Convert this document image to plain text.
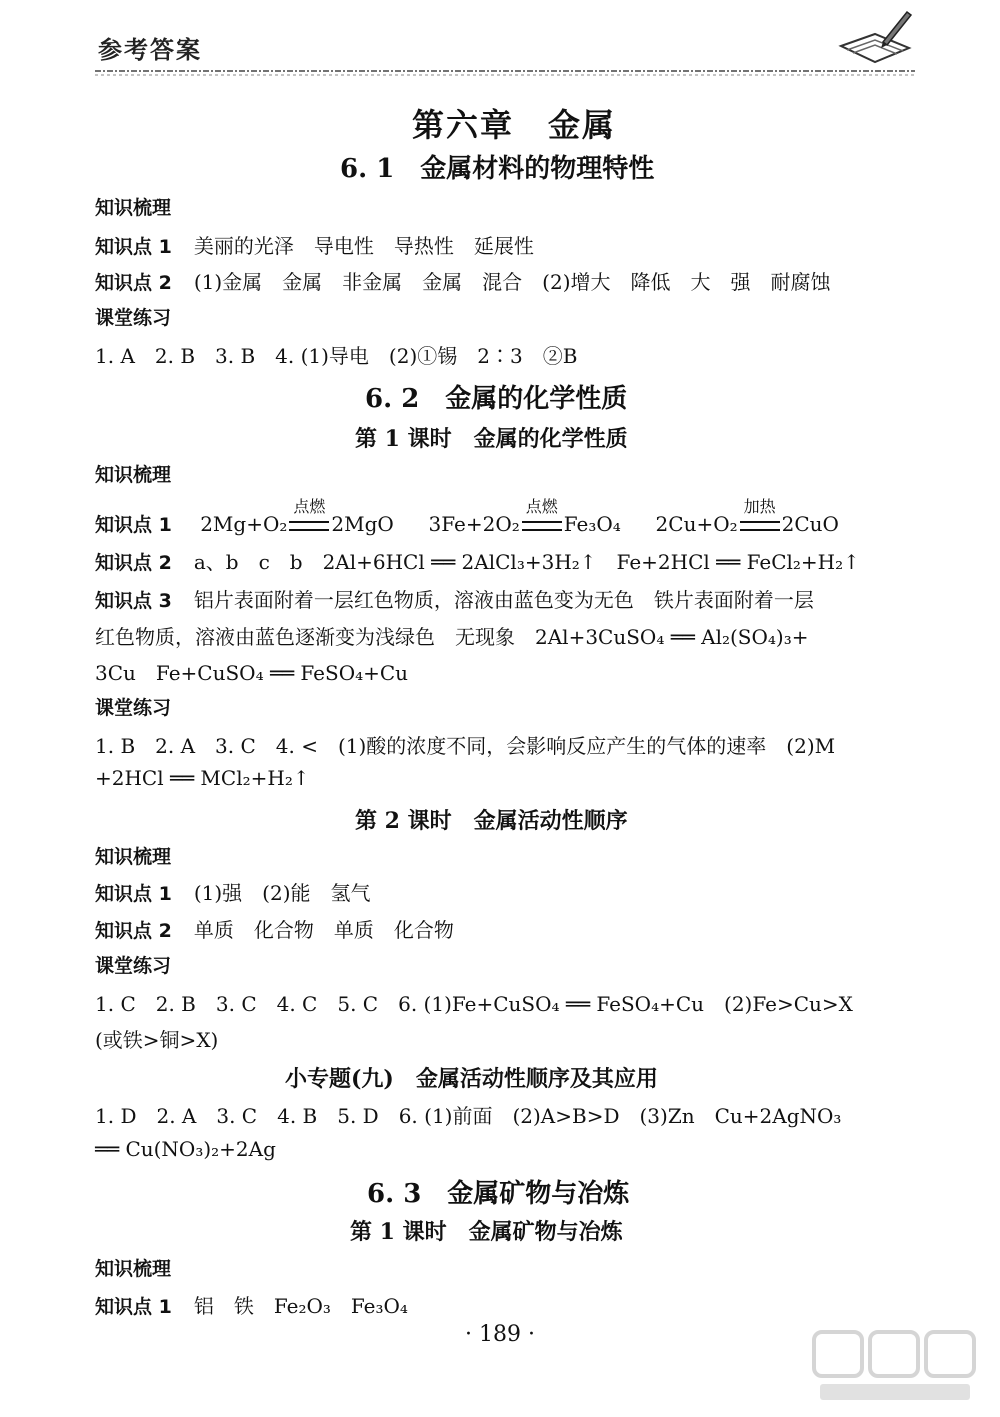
参考答案
第六章　金属
6. 1　金属材料的物理特性
知识梳理
知识点 1 美丽的光泽　导电性　导热性　延展性
知识点 2 (1)金属　金属　非金属　金属　混合　(2)增大　降低　大　强　耐腐蚀
课堂练习
1. A　2. B　3. B　4. (1)导电　(2)①锡　2∶3　②B
6. 2　金属的化学性质
第 1 课时　金属的化学性质
知识梳理
知识点 1 2Mg+O₂
点燃
2MgO 3Fe+2O₂
点燃
Fe₃O₄ 2Cu+O₂
加热
2CuO
知识点 2 a、b　c　b　2Al+6HCl ══ 2AlCl₃+3H₂↑　Fe+2HCl ══ FeCl₂+H₂↑
知识点 3 铝片表面附着一层红色物质，溶液由蓝色变为无色　铁片表面附着一层
红色物质，溶液由蓝色逐渐变为浅绿色　无现象　2Al+3CuSO₄ ══ Al₂(SO₄)₃+
3Cu　Fe+CuSO₄ ══ FeSO₄+Cu
课堂练习
1. B　2. A　3. C　4. <　(1)酸的浓度不同，会影响反应产生的气体的速率　(2)M
+2HCl ══ MCl₂+H₂↑
第 2 课时　金属活动性顺序
知识梳理
知识点 1 (1)强　(2)能　氢气
知识点 2 单质　化合物　单质　化合物
课堂练习
1. C　2. B　3. C　4. C　5. C　6. (1)Fe+CuSO₄ ══ FeSO₄+Cu　(2)Fe>Cu>X
(或铁>铜>X)
小专题(九)　金属活动性顺序及其应用
1. D　2. A　3. C　4. B　5. D　6. (1)前面　(2)A>B>D　(3)Zn　Cu+2AgNO₃
══ Cu(NO₃)₂+2Ag
6. 3　金属矿物与冶炼
第 1 课时　金属矿物与冶炼
知识梳理
知识点 1 铝　铁　Fe₂O₃　Fe₃O₄
· 189 ·
